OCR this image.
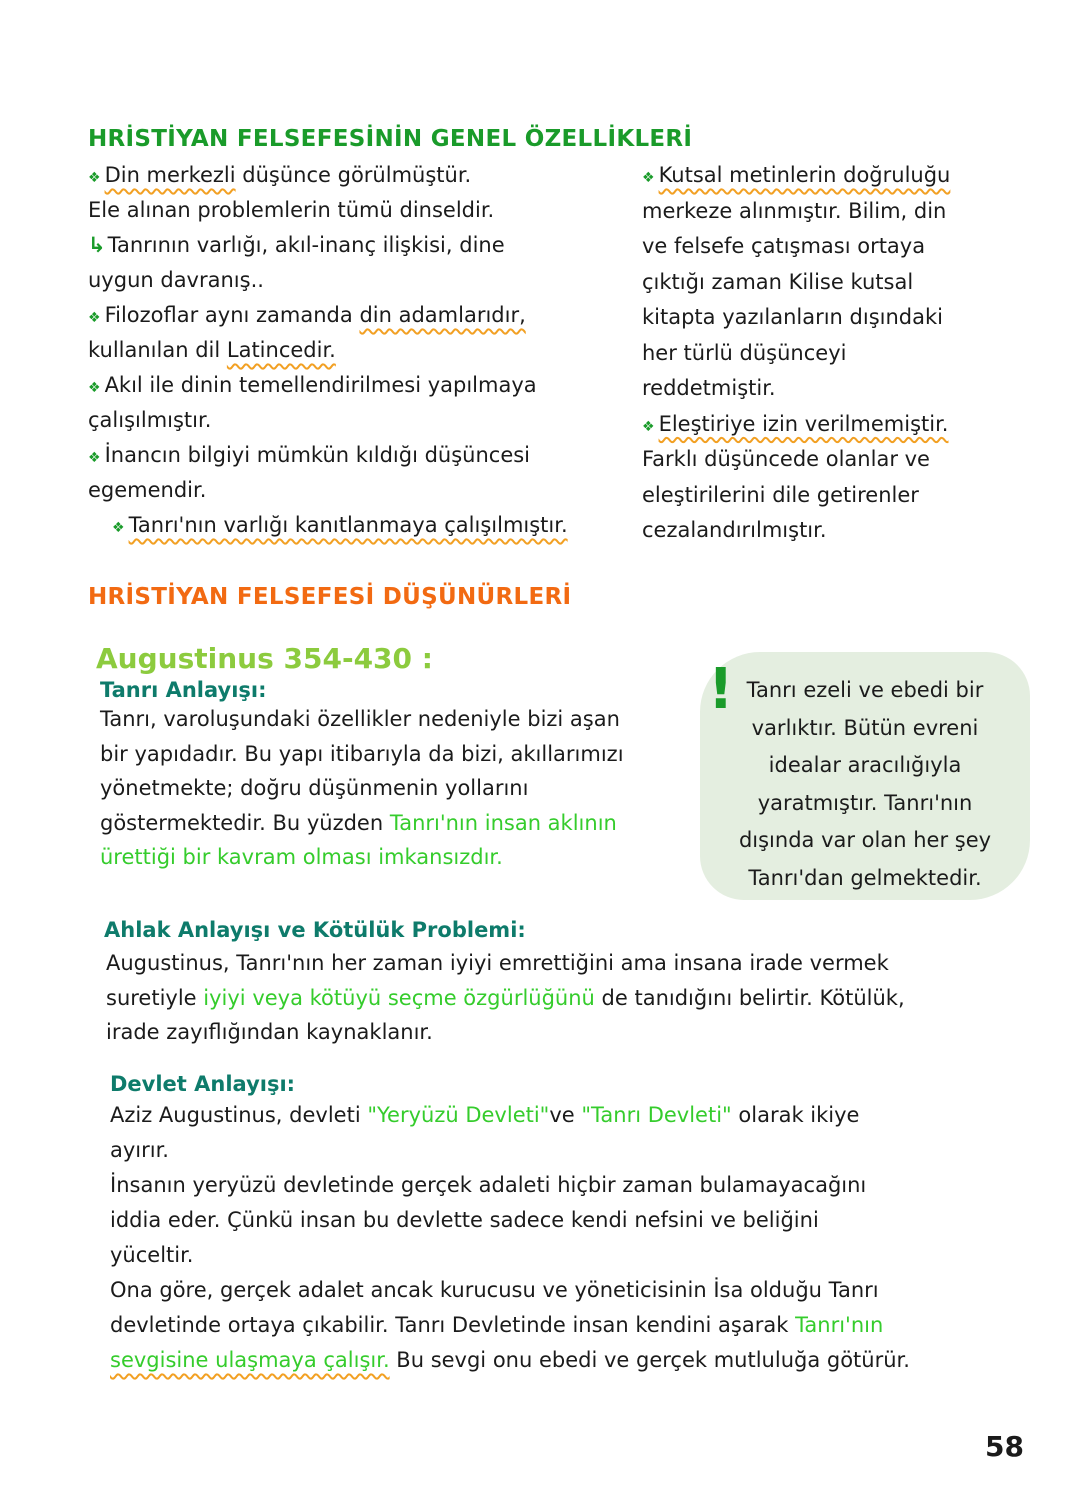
HRİSTİYAN FELSEFESİNİN GENEL ÖZELLİKLERİ
❖ Din merkezli düşünce görülmüştür.
Ele alınan problemlerin tümü dinseldir.
↳Tanrının varlığı, akıl-inanç ilişkisi, dine
uygun davranış..
❖ Filozoflar aynı zamanda din adamlarıdır,
kullanılan dil Latincedir.
❖ Akıl ile dinin temellendirilmesi yapılmaya
çalışılmıştır.
❖ İnancın bilgiyi mümkün kıldığı düşüncesi
egemendir.
❖ Tanrı'nın varlığı kanıtlanmaya çalışılmıştır.
❖ Kutsal metinlerin doğruluğu
merkeze alınmıştır. Bilim, din
ve felsefe çatışması ortaya
çıktığı zaman Kilise kutsal
kitapta yazılanların dışındaki
her türlü düşünceyi
reddetmiştir.
❖ Eleştiriye izin verilmemiştir.
Farklı düşüncede olanlar ve
eleştirilerini dile getirenler
cezalandırılmıştır.
HRİSTİYAN FELSEFESİ DÜŞÜNÜRLERİ
Augustinus 354-430 :
Tanrı Anlayışı:
Tanrı, varoluşundaki özellikler nedeniyle bizi aşan
bir yapıdadır. Bu yapı itibarıyla da bizi, akıllarımızı
yönetmekte; doğru düşünmenin yollarını
göstermektedir. Bu yüzden Tanrı'nın insan aklının
ürettiği bir kavram olması imkansızdır.
Tanrı ezeli ve ebedi bir
varlıktır. Bütün evreni
idealar aracılığıyla
yaratmıştır. Tanrı'nın
dışında var olan her şey
Tanrı'dan gelmektedir.
!
Ahlak Anlayışı ve Kötülük Problemi:
Augustinus, Tanrı'nın her zaman iyiyi emrettiğini ama insana irade vermek
suretiyle iyiyi veya kötüyü seçme özgürlüğünü de tanıdığını belirtir. Kötülük,
irade zayıflığından kaynaklanır.
Devlet Anlayışı:
Aziz Augustinus, devleti "Yeryüzü Devleti"ve "Tanrı Devleti" olarak ikiye
ayırır.
İnsanın yeryüzü devletinde gerçek adaleti hiçbir zaman bulamayacağını
iddia eder. Çünkü insan bu devlette sadece kendi nefsini ve beliğini
yüceltir.
Ona göre, gerçek adalet ancak kurucusu ve yöneticisinin İsa olduğu Tanrı
devletinde ortaya çıkabilir. Tanrı Devletinde insan kendini aşarak Tanrı'nın
sevgisine ulaşmaya çalışır. Bu sevgi onu ebedi ve gerçek mutluluğa götürür.
58
